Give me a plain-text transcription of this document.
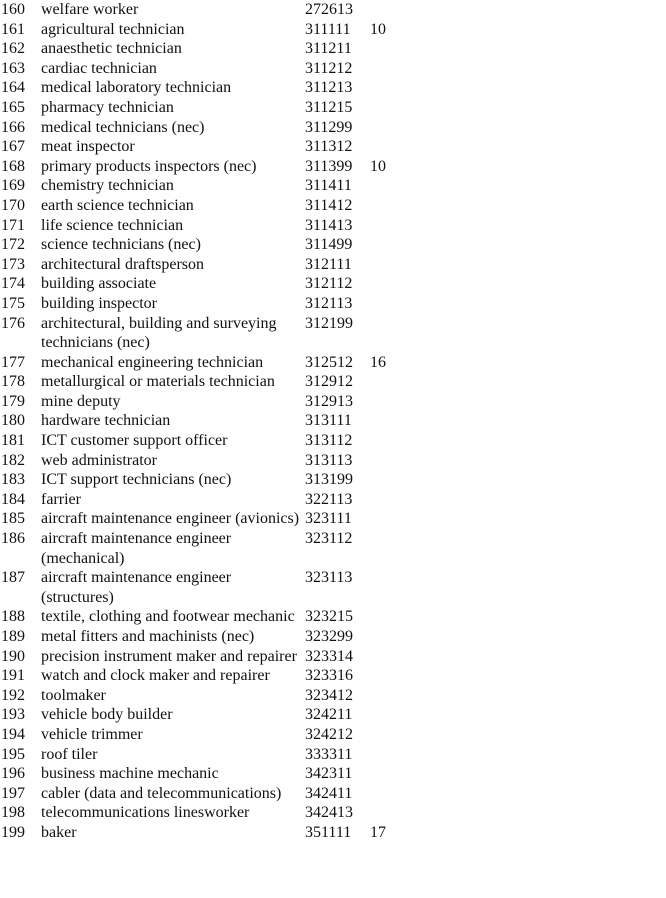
160	welfare worker	272613	
161	agricultural technician	311111	10
162	anaesthetic technician	311211	
163	cardiac technician	311212	
164	medical laboratory technician	311213	
165	pharmacy technician	311215	
166	medical technicians (nec)	311299	
167	meat inspector	311312	
168	primary products inspectors (nec)	311399	10
169	chemistry technician	311411	
170	earth science technician	311412	
171	life science technician	311413	
172	science technicians (nec)	311499	
173	architectural draftsperson	312111	
174	building associate	312112	
175	building inspector	312113	
176	architectural, building and surveying technicians (nec)	312199	
177	mechanical engineering technician	312512	16
178	metallurgical or materials technician	312912	
179	mine deputy	312913	
180	hardware technician	313111	
181	ICT customer support officer	313112	
182	web administrator	313113	
183	ICT support technicians (nec)	313199	
184	farrier	322113	
185	aircraft maintenance engineer (avionics)	323111	
186	aircraft maintenance engineer (mechanical)	323112	
187	aircraft maintenance engineer (structures)	323113	
188	textile, clothing and footwear mechanic	323215	
189	metal fitters and machinists (nec)	323299	
190	precision instrument maker and repairer	323314	
191	watch and clock maker and repairer	323316	
192	toolmaker	323412	
193	vehicle body builder	324211	
194	vehicle trimmer	324212	
195	roof tiler	333311	
196	business machine mechanic	342311	
197	cabler (data and telecommunications)	342411	
198	telecommunications linesworker	342413	
199	baker	351111	17
